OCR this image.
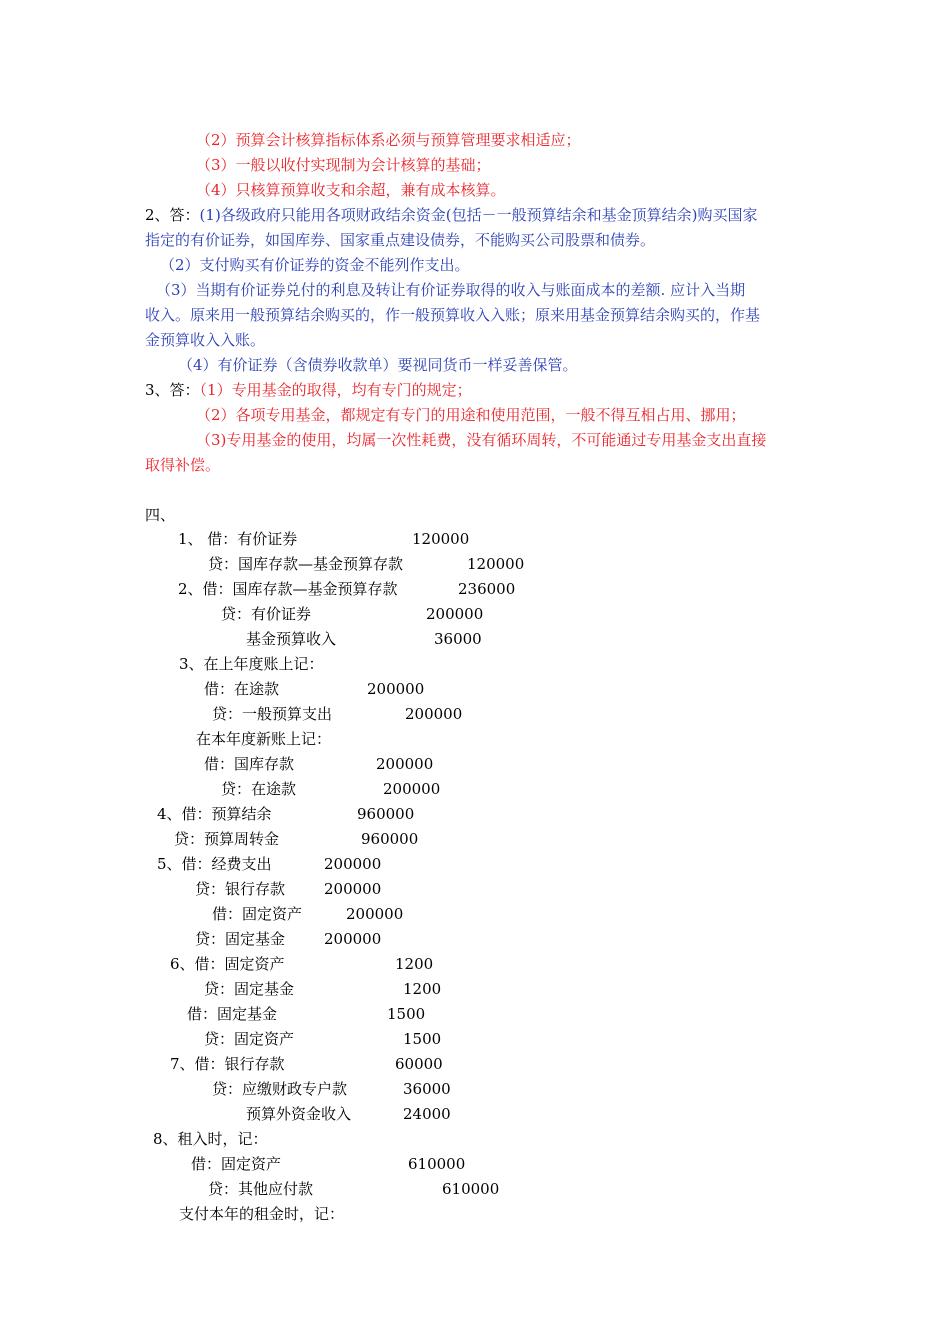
（2）预算会计核算指标体系必须与预算管理要求相适应；
（3）一般以收付实现制为会计核算的基础；
（4）只核算预算收支和余超，兼有成本核算。
2、答：(1)各级政府只能用各项财政结余资金(包括－一般预算结余和基金顶算结余)购买国家
指定的有价证券，如国库券、国家重点建设债券，不能购买公司股票和债券。
（2）支付购买有价证券的资金不能列作支出。
（3）当期有价证券兑付的利息及转让有价证券取得的收入与账面成本的差额. 应计入当期
收入。原来用一般预算结余购买的，作一般预算收入入账；原来用基金预算结余购买的，作基
金预算收入入账。
（4）有价证券（含债券收款单）要视同货币一样妥善保管。
3、答：（1）专用基金的取得，均有专门的规定；
（2）各项专用基金，都规定有专门的用途和使用范围，一般不得互相占用、挪用；
（3)专用基金的使用，均属一次性耗费，没有循环周转，不可能通过专用基金支出直接
取得补偿。
四、
1、 借：有价证券	120000
贷：国库存款—基金预算存款	120000
2、借：国库存款—基金预算存款	236000
贷：有价证券	200000
基金预算收入	36000
3、在上年度账上记：
借：在途款	200000
贷：一般预算支出	200000
在本年度新账上记：
借：国库存款	200000
贷：在途款	200000
4、借：预算结余	960000
贷：预算周转金	960000
5、借：经费支出	200000
贷：银行存款	200000
借：固定资产	200000
贷：固定基金	200000
6、借：固定资产	1200
贷：固定基金	1200
借：固定基金	1500
贷：固定资产	1500
7、借：银行存款	60000
贷：应缴财政专户款	36000
预算外资金收入	24000
8、租入时，记：
借：固定资产	610000
贷：其他应付款	610000
支付本年的租金时，记：
